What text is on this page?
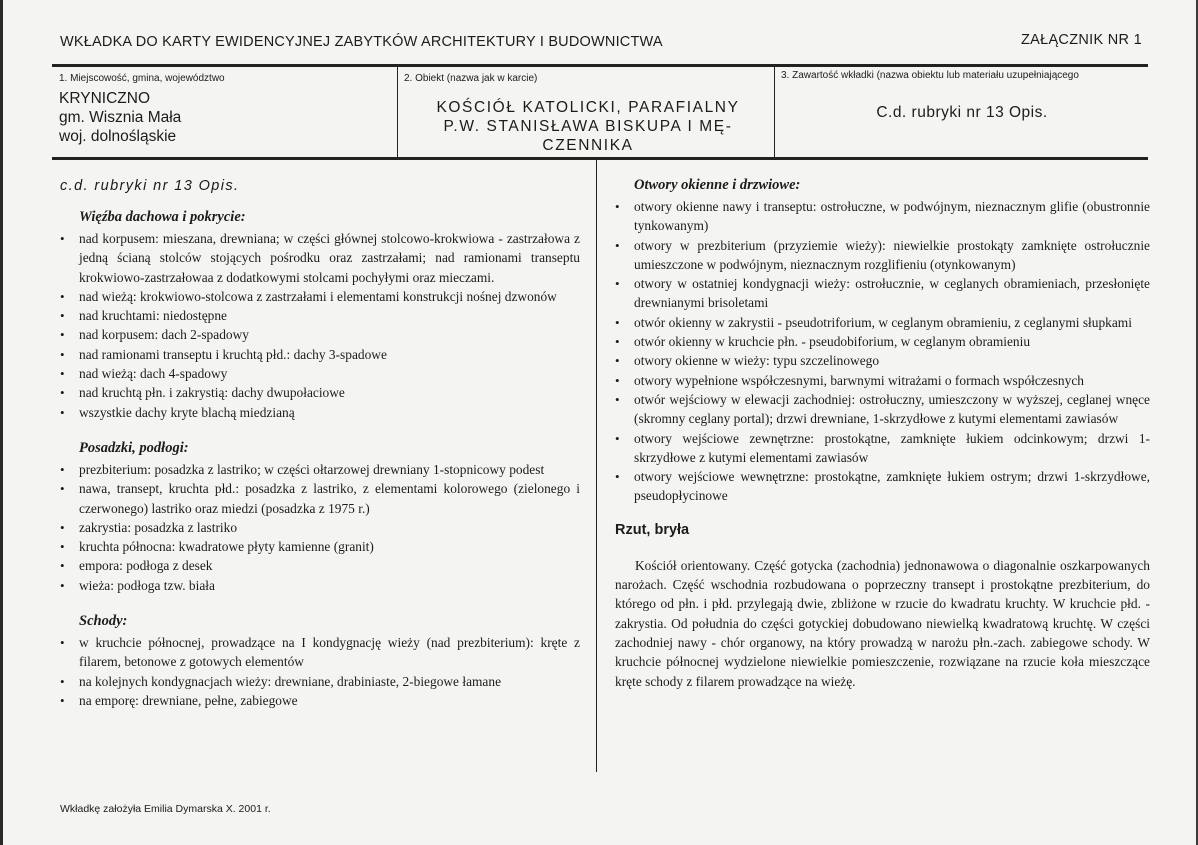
WKŁADKA DO KARTY EWIDENCYJNEJ ZABYTKÓW ARCHITEKTURY I BUDOWNICTWA	ZAŁĄCZNIK NR 1
1. Miejscowość, gmina, województwo
KRYNICZNO
gm. Wisznia Mała
woj. dolnośląskie
2. Obiekt (nazwa jak w karcie)
KOŚCIÓŁ KATOLICKI, PARAFIALNY
P.W. STANISŁAWA BISKUPA I MĘ-
CZENNIKA
3. Zawartość wkładki (nazwa obiektu lub materiału uzupełniającego
C.d. rubryki nr 13 Opis.
c.d. rubryki nr 13 Opis.
Więźba dachowa i pokrycie:
• nad korpusem: mieszana, drewniana; w części głównej stolcowo-krokwiowa - zastrzałowa z jedną ścianą stolców stojących pośrodku oraz zastrzałami; nad ramionami transeptu krokwiowo-zastrzałowaa z dodatkowymi stolcami pochyłymi oraz mieczami.
• nad wieżą: krokwiowo-stolcowa z zastrzałami i elementami konstrukcji nośnej dzwonów
• nad kruchtami: niedostępne
• nad korpusem: dach 2-spadowy
• nad ramionami transeptu i kruchtą płd.: dachy 3-spadowe
• nad wieżą: dach 4-spadowy
• nad kruchtą płn. i zakrystią: dachy dwupołaciowe
• wszystkie dachy kryte blachą miedzianą
Posadzki, podłogi:
• prezbiterium: posadzka z lastriko; w części ołtarzowej drewniany 1-stopnicowy podest
• nawa, transept, kruchta płd.: posadzka z lastriko, z elementami kolorowego (zielonego i czerwonego) lastriko oraz miedzi (posadzka z 1975 r.)
• zakrystia: posadzka z lastriko
• kruchta północna: kwadratowe płyty kamienne (granit)
• empora: podłoga z desek
• wieża: podłoga tzw. biała
Schody:
• w kruchcie północnej, prowadzące na I kondygnację wieży (nad prezbiterium): kręte z filarem, betonowe z gotowych elementów
• na kolejnych kondygnacjach wieży: drewniane, drabiniaste, 2-biegowe łamane
• na emporę: drewniane, pełne, zabiegowe
Otwory okienne i drzwiowe:
• otwory okienne nawy i transeptu: ostrołuczne, w podwójnym, nieznacznym glifie (obustronnie tynkowanym)
• otwory w prezbiterium (przyziemie wieży): niewielkie prostokąty zamknięte ostrołucznie umieszczone w podwójnym, nieznacznym rozglifieniu (otynkowanym)
• otwory w ostatniej kondygnacji wieży: ostrołucznie, w ceglanych obramieniach, przesłonięte drewnianymi brisoletami
• otwór okienny w zakrystii - pseudotriforium, w ceglanym obramieniu, z ceglanymi słupkami
• otwór okienny w kruchcie płn. - pseudobiforium, w ceglanym obramieniu
• otwory okienne w wieży: typu szczelinowego
• otwory wypełnione współczesnymi, barwnymi witrażami o formach współczesnych
• otwór wejściowy w elewacji zachodniej: ostrołuczny, umieszczony w wyższej, ceglanej wnęce (skromny ceglany portal); drzwi drewniane, 1-skrzydłowe z kutymi elementami zawiasów
• otwory wejściowe zewnętrzne: prostokątne, zamknięte łukiem odcinkowym; drzwi 1-skrzydłowe z kutymi elementami zawiasów
• otwory wejściowe wewnętrzne: prostokątne, zamknięte łukiem ostrym; drzwi 1-skrzydłowe, pseudopłycinowe
Rzut, bryła
Kościół orientowany. Część gotycka (zachodnia) jednonawowa o diagonalnie oszkarpowanych narożach. Część wschodnia rozbudowana o poprzeczny transept i prostokątne prezbiterium, do którego od płn. i płd. przylegają dwie, zbliżone w rzucie do kwadratu kruchty. W kruchcie płd. - zakrystia. Od południa do części gotyckiej dobudowano niewielką kwadratową kruchtę. W części zachodniej nawy - chór organowy, na który prowadzą w narożu płn.-zach. zabiegowe schody. W kruchcie północnej wydzielone niewielkie pomieszczenie, rozwiązane na rzucie koła mieszczące kręte schody z filarem prowadzące na wieżę.
Wkładkę założyła Emilia Dymarska X. 2001 r.
